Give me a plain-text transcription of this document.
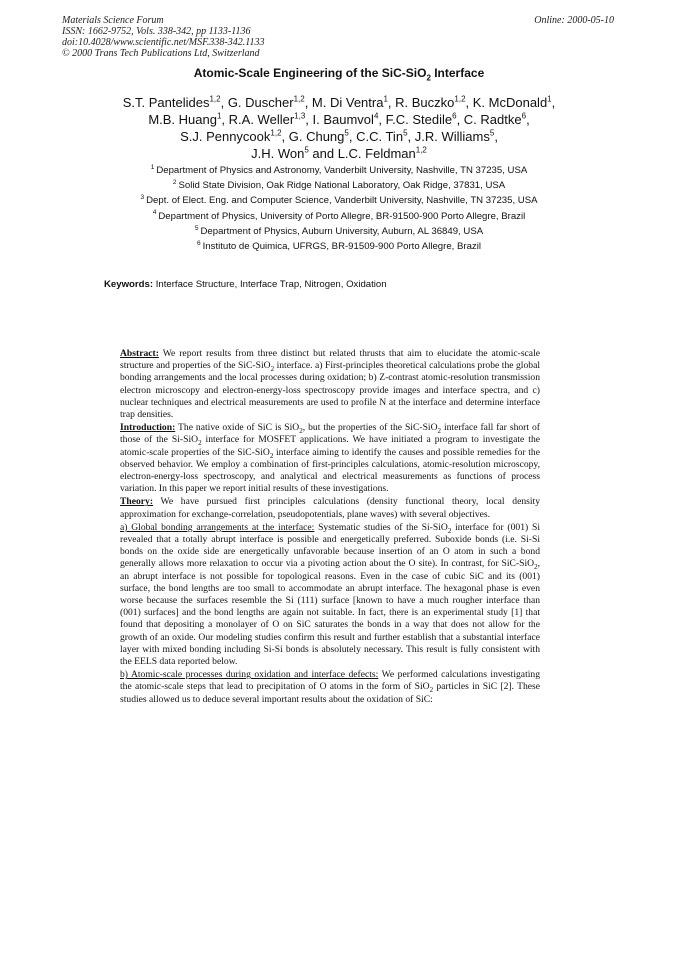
Materials Science Forum
ISSN: 1662-9752, Vols. 338-342, pp 1133-1136
doi:10.4028/www.scientific.net/MSF.338-342.1133
© 2000 Trans Tech Publications Ltd, Switzerland
Online: 2000-05-10
Atomic-Scale Engineering of the SiC-SiO$_2$ Interface
S.T. Pantelides$^{1,2}$, G. Duscher$^{1,2}$, M. Di Ventra$^1$, R. Buczko$^{1,2}$, K. McDonald$^1$,
M.B. Huang$^1$, R.A. Weller$^{1,3}$, I. Baumvol$^4$, F.C. Stedile$^6$, C. Radtke$^6$,
S.J. Pennycook$^{1,2}$, G. Chung$^5$, C.C. Tin$^5$, J.R. Williams$^5$,
J.H. Won$^5$ and L.C. Feldman$^{1,2}$
$^1$ Department of Physics and Astronomy, Vanderbilt University, Nashville, TN 37235, USA
$^2$ Solid State Division, Oak Ridge National Laboratory, Oak Ridge, 37831, USA
$^3$ Dept. of Elect. Eng. and Computer Science, Vanderbilt University, Nashville, TN 37235, USA
$^4$ Department of Physics, University of Porto Allegre, BR-91500-900 Porto Allegre, Brazil
$^5$ Department of Physics, Auburn University, Auburn, AL 36849, USA
$^6$ Instituto de Quimica, UFRGS, BR-91509-900 Porto Allegre, Brazil
Keywords: Interface Structure, Interface Trap, Nitrogen, Oxidation

Abstract: We report results from three distinct but related thrusts that aim to elucidate the atomic-scale structure and properties of the SiC-SiO$_2$ interface. a) First-principles theoretical calculations probe the global bonding arrangements and the local processes during oxidation; b) Z-contrast atomic-resolution transmission electron microscopy and electron-energy-loss spectroscopy provide images and interface spectra, and c) nuclear techniques and electrical measurements are used to profile N at the interface and determine interface trap densities.

Introduction: The native oxide of SiC is SiO$_2$, but the properties of the SiC-SiO$_2$ interface fall far short of those of the Si-SiO$_2$ interface for MOSFET applications. We have initiated a program to investigate the atomic-scale properties of the SiC-SiO$_2$ interface aiming to identify the causes and possible remedies for the observed behavior. We employ a combination of first-principles calculations, atomic-resolution microscopy, electron-energy-loss spectroscopy, and analytical and electrical measurements as functions of process variation. In this paper we report initial results of these investigations.

Theory: We have pursued first principles calculations (density functional theory, local density approximation for exchange-correlation, pseudopotentials, plane waves) with several objectives.

a) Global bonding arrangements at the interface: Systematic studies of the Si-SiO$_2$ interface for (001) Si revealed that a totally abrupt interface is possible and energetically preferred. Suboxide bonds (i.e. Si-Si bonds on the oxide side are energetically unfavorable because insertion of an O atom in such a bond generally allows more relaxation to occur via a pivoting action about the O site). In contrast, for SiC-SiO$_2$, an abrupt interface is not possible for topological reasons. Even in the case of cubic SiC and its (001) surface, the bond lengths are too small to accommodate an abrupt interface. The hexagonal phase is even worse because the surfaces resemble the Si (111) surface [known to have a much rougher interface than (001) surfaces] and the bond lengths are again not suitable. In fact, there is an experimental study [1] that found that depositing a monolayer of O on SiC saturates the bonds in a way that does not allow for the growth of an oxide. Our modeling studies confirm this result and further establish that a substantial interface layer with mixed bonding including Si-Si bonds is absolutely necessary. This result is fully consistent with the EELS data reported below.

b) Atomic-scale processes during oxidation and interface defects: We performed calculations investigating the atomic-scale steps that lead to precipitation of O atoms in the form of SiO$_2$ particles in SiC [2]. These studies allowed us to deduce several important results about the oxidation of SiC:
